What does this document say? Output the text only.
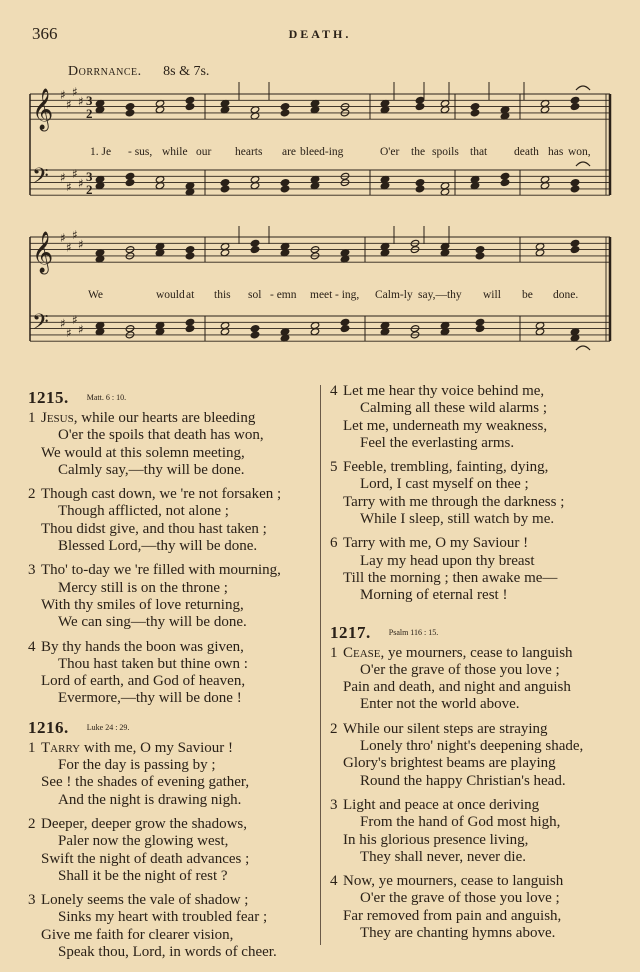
366	DEATH.
Dorrnance. 8s & 7s.
𝄞 ♯
♯
♯
♯ 3
2
𝄢 ♯
♯
♯
♯ 3
2
𝄞 ♯
♯
♯
♯
𝄢 ♯
♯
♯
♯
1. Je - sus, while our hearts are bleed-ing	O'er the spoils that death has won,
We	would at this sol - emn meet - ing, Calm-ly say,—thy will be done.
1215. Matt. 6 : 10.
1 Jesus, while our hearts are bleeding
O'er the spoils that death has won,
We would at this solemn meeting,
Calmly say,—thy will be done.
2 Though cast down, we 're not forsaken ;
Though afflicted, not alone ;
Thou didst give, and thou hast taken ;
Blessed Lord,—thy will be done.
3 Tho' to-day we 're filled with mourning,
Mercy still is on the throne ;
With thy smiles of love returning,
We can sing—thy will be done.
4 By thy hands the boon was given,
Thou hast taken but thine own :
Lord of earth, and God of heaven,
Evermore,—thy will be done !
1216. Luke 24 : 29.
1 Tarry with me, O my Saviour !
For the day is passing by ;
See ! the shades of evening gather,
And the night is drawing nigh.
2 Deeper, deeper grow the shadows,
Paler now the glowing west,
Swift the night of death advances ;
Shall it be the night of rest ?
3 Lonely seems the vale of shadow ;
Sinks my heart with troubled fear ;
Give me faith for clearer vision,
Speak thou, Lord, in words of cheer.
4 Let me hear thy voice behind me,
Calming all these wild alarms ;
Let me, underneath my weakness,
Feel the everlasting arms.
5 Feeble, trembling, fainting, dying,
Lord, I cast myself on thee ;
Tarry with me through the darkness ;
While I sleep, still watch by me.
6 Tarry with me, O my Saviour !
Lay my head upon thy breast
Till the morning ; then awake me—
Morning of eternal rest !
1217. Psalm 116 : 15.
1 Cease, ye mourners, cease to languish
O'er the grave of those you love ;
Pain and death, and night and anguish
Enter not the world above.
2 While our silent steps are straying
Lonely thro' night's deepening shade,
Glory's brightest beams are playing
Round the happy Christian's head.
3 Light and peace at once deriving
From the hand of God most high,
In his glorious presence living,
They shall never, never die.
4 Now, ye mourners, cease to languish
O'er the grave of those you love ;
Far removed from pain and anguish,
They are chanting hymns above.
